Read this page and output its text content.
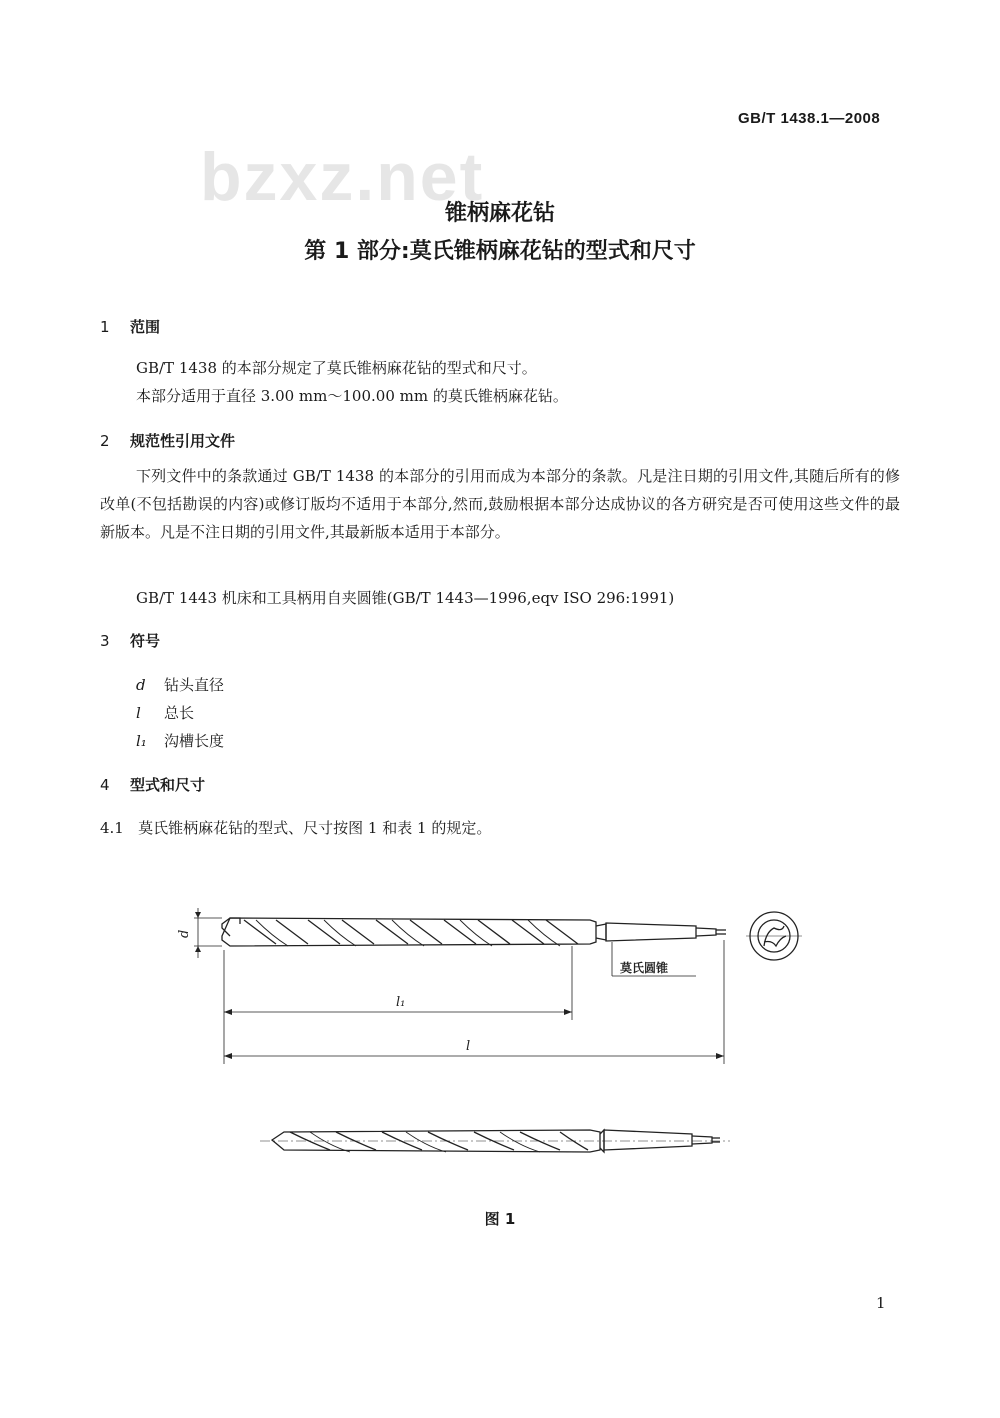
GB/T 1438.1—2008
bzxz.net
锥柄麻花钻
第 1 部分:莫氏锥柄麻花钻的型式和尺寸
1 范围
GB/T 1438 的本部分规定了莫氏锥柄麻花钻的型式和尺寸。
本部分适用于直径 3.00 mm～100.00 mm 的莫氏锥柄麻花钻。
2 规范性引用文件
下列文件中的条款通过 GB/T 1438 的本部分的引用而成为本部分的条款。凡是注日期的引用文件,其随后所有的修改单(不包括勘误的内容)或修订版均不适用于本部分,然而,鼓励根据本部分达成协议的各方研究是否可使用这些文件的最新版本。凡是不注日期的引用文件,其最新版本适用于本部分。
GB/T 1443 机床和工具柄用自夹圆锥(GB/T 1443—1996,eqv ISO 296:1991)
3 符号
d 钻头直径
l 总长
l₁ 沟槽长度
4 型式和尺寸
4.1   莫氏锥柄麻花钻的型式、尺寸按图 1 和表 1 的规定。
d
l₁
l
莫氏圆锥
图 1
1
